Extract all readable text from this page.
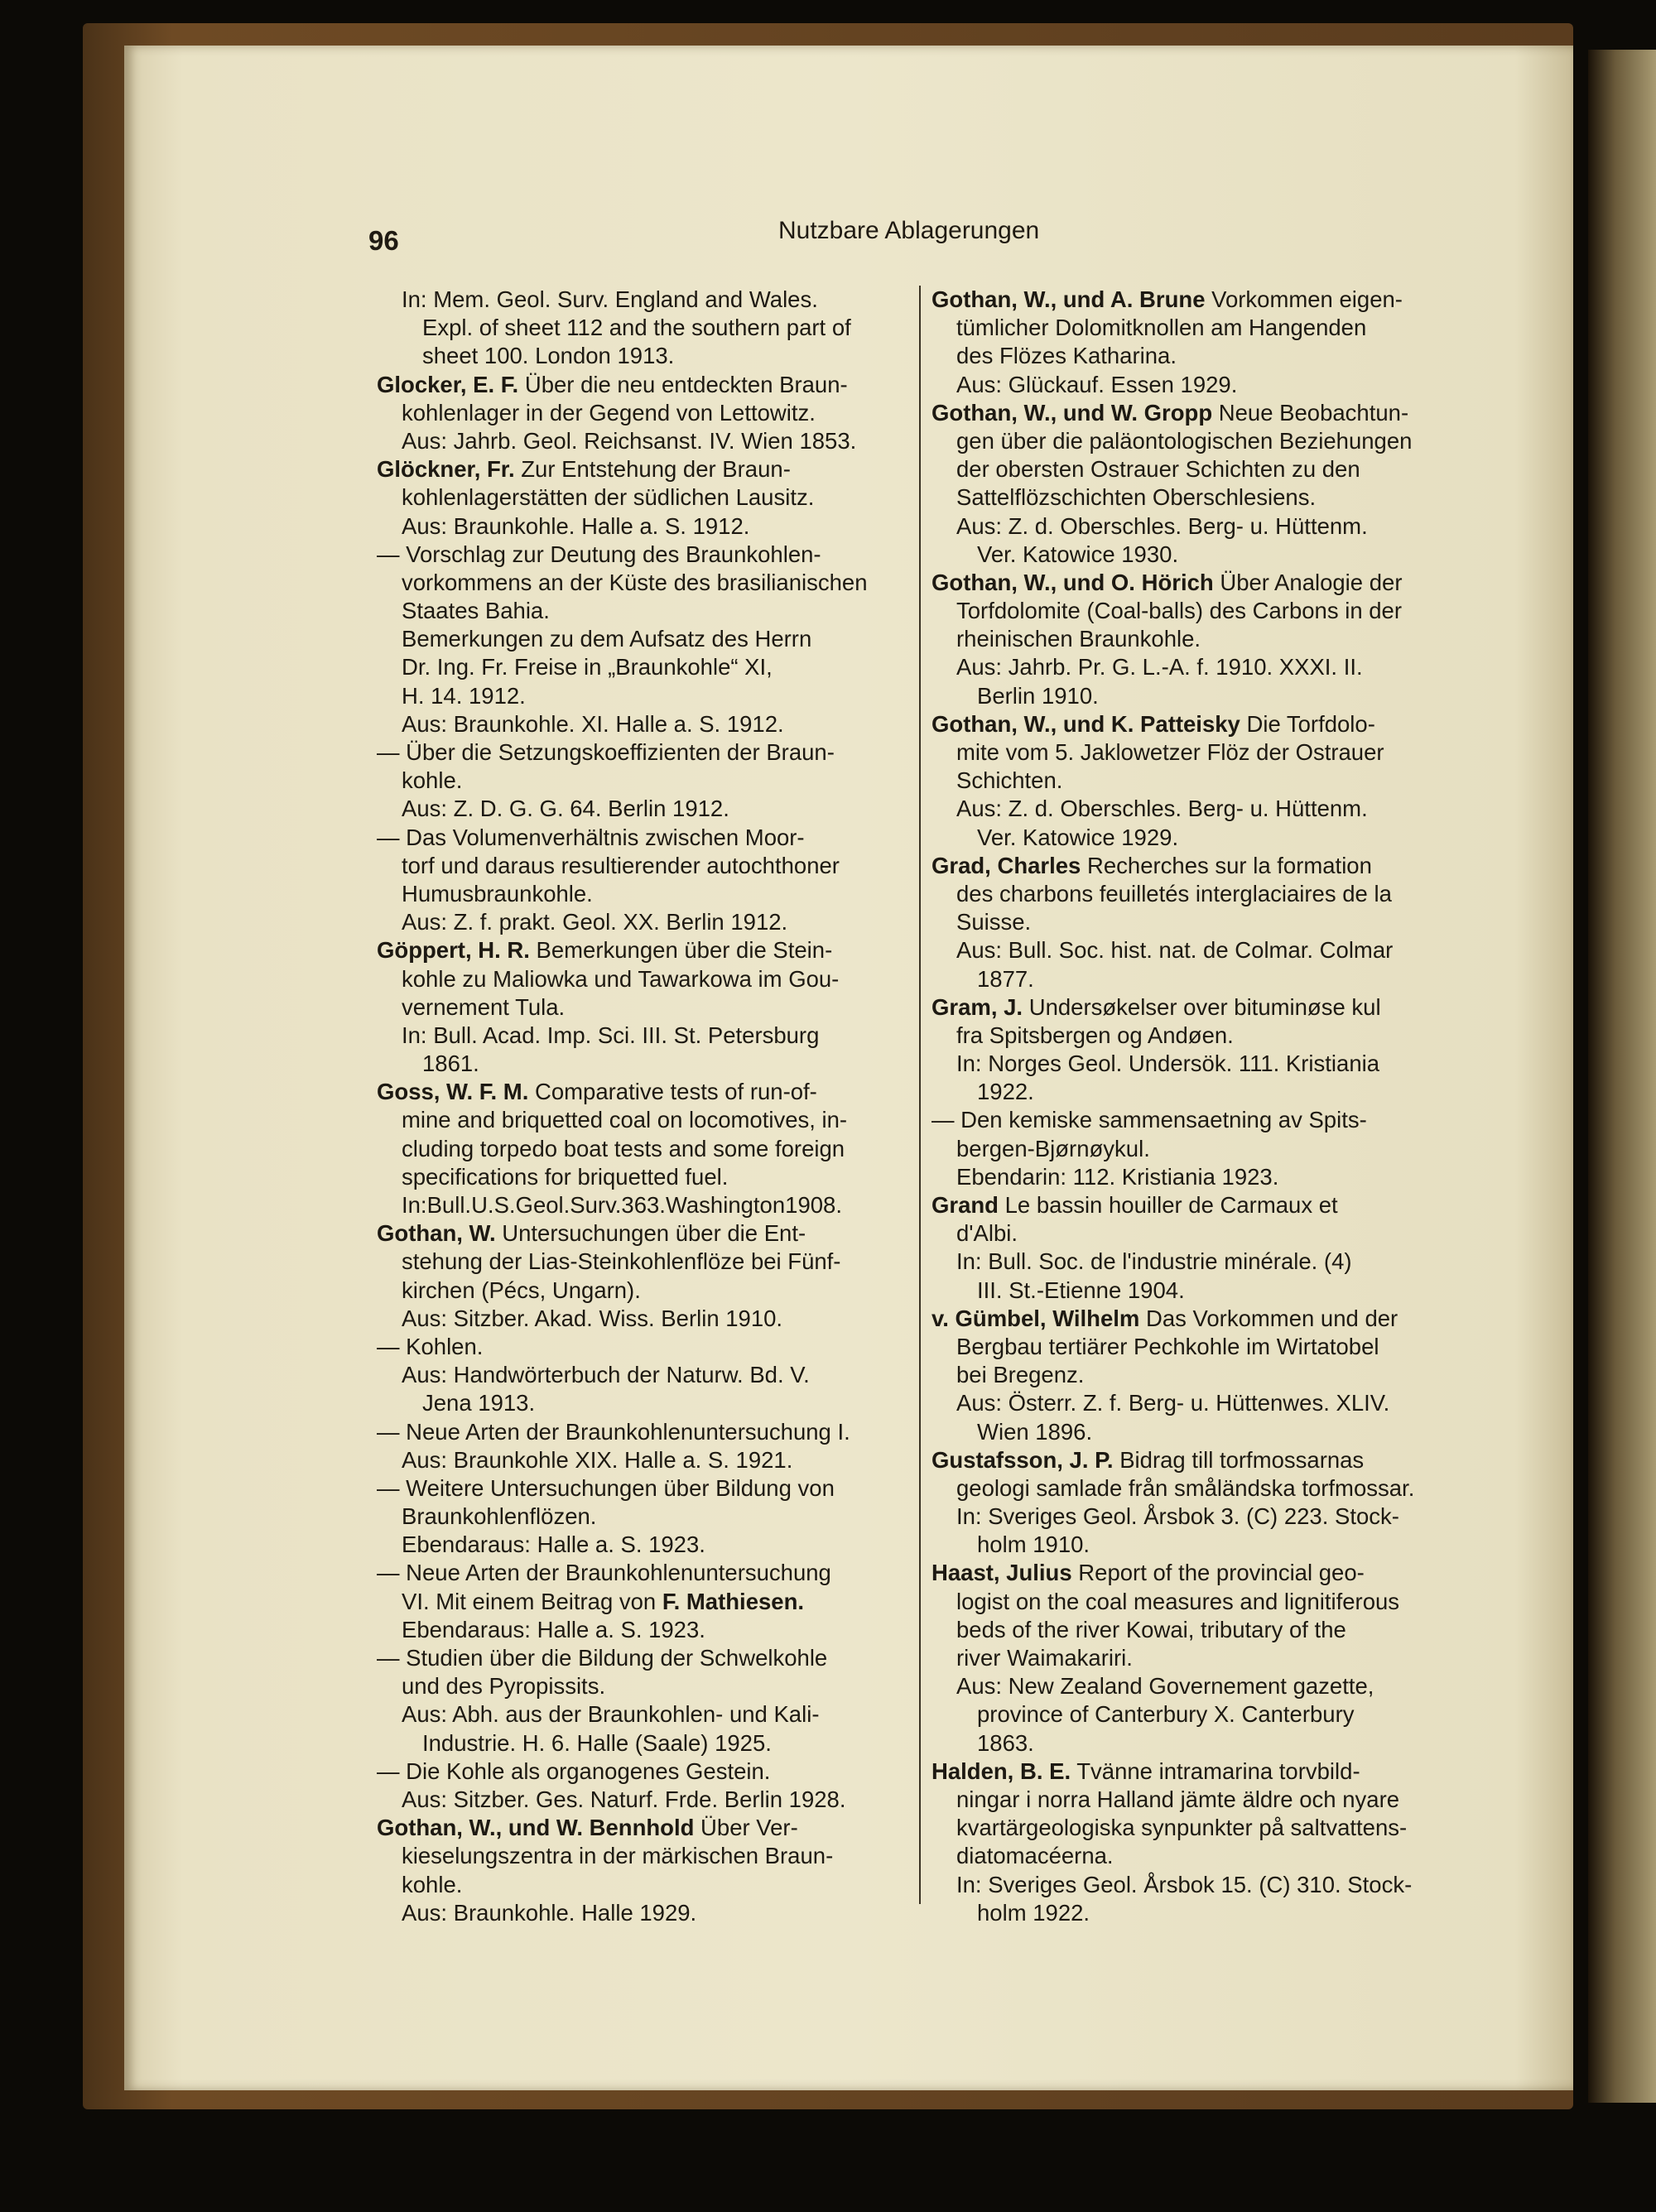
96	Nutzbare Ablagerungen
In: Mem. Geol. Surv. England and Wales.
Expl. of sheet 112 and the southern part of
sheet 100. London 1913.
Glocker, E. F. Über die neu entdeckten Braun-
kohlenlager in der Gegend von Lettowitz.
Aus: Jahrb. Geol. Reichsanst. IV. Wien 1853.
Glöckner, Fr. Zur Entstehung der Braun-
kohlenlagerstätten der südlichen Lausitz.
Aus: Braunkohle. Halle a. S. 1912.
— Vorschlag zur Deutung des Braunkohlen-
vorkommens an der Küste des brasilianischen
Staates Bahia.
Bemerkungen zu dem Aufsatz des Herrn
Dr. Ing. Fr. Freise in „Braunkohle“ XI,
H. 14. 1912.
Aus: Braunkohle. XI. Halle a. S. 1912.
— Über die Setzungskoeffizienten der Braun-
kohle.
Aus: Z. D. G. G. 64. Berlin 1912.
— Das Volumenverhältnis zwischen Moor-
torf und daraus resultierender autochthoner
Humusbraunkohle.
Aus: Z. f. prakt. Geol. XX. Berlin 1912.
Göppert, H. R. Bemerkungen über die Stein-
kohle zu Maliowka und Tawarkowa im Gou-
vernement Tula.
In: Bull. Acad. Imp. Sci. III. St. Petersburg
1861.
Goss, W. F. M. Comparative tests of run-of-
mine and briquetted coal on locomotives, in-
cluding torpedo boat tests and some foreign
specifications for briquetted fuel.
In:Bull.U.S.Geol.Surv.363.Washington1908.
Gothan, W. Untersuchungen über die Ent-
stehung der Lias-Steinkohlenflöze bei Fünf-
kirchen (Pécs, Ungarn).
Aus: Sitzber. Akad. Wiss. Berlin 1910.
— Kohlen.
Aus: Handwörterbuch der Naturw. Bd. V.
Jena 1913.
— Neue Arten der Braunkohlenuntersuchung I.
Aus: Braunkohle XIX. Halle a. S. 1921.
— Weitere Untersuchungen über Bildung von
Braunkohlenflözen.
Ebendaraus: Halle a. S. 1923.
— Neue Arten der Braunkohlenuntersuchung
VI. Mit einem Beitrag von F. Mathiesen.
Ebendaraus: Halle a. S. 1923.
— Studien über die Bildung der Schwelkohle
und des Pyropissits.
Aus: Abh. aus der Braunkohlen- und Kali-
Industrie. H. 6. Halle (Saale) 1925.
— Die Kohle als organogenes Gestein.
Aus: Sitzber. Ges. Naturf. Frde. Berlin 1928.
Gothan, W., und W. Bennhold Über Ver-
kieselungszentra in der märkischen Braun-
kohle.
Aus: Braunkohle. Halle 1929.
Gothan, W., und A. Brune Vorkommen eigen-
tümlicher Dolomitknollen am Hangenden
des Flözes Katharina.
Aus: Glückauf. Essen 1929.
Gothan, W., und W. Gropp Neue Beobachtun-
gen über die paläontologischen Beziehungen
der obersten Ostrauer Schichten zu den
Sattelflözschichten Oberschlesiens.
Aus: Z. d. Oberschles. Berg- u. Hüttenm.
Ver. Katowice 1930.
Gothan, W., und O. Hörich Über Analogie der
Torfdolomite (Coal-balls) des Carbons in der
rheinischen Braunkohle.
Aus: Jahrb. Pr. G. L.-A. f. 1910. XXXI. II.
Berlin 1910.
Gothan, W., und K. Patteisky Die Torfdolo-
mite vom 5. Jaklowetzer Flöz der Ostrauer
Schichten.
Aus: Z. d. Oberschles. Berg- u. Hüttenm.
Ver. Katowice 1929.
Grad, Charles Recherches sur la formation
des charbons feuilletés interglaciaires de la
Suisse.
Aus: Bull. Soc. hist. nat. de Colmar. Colmar
1877.
Gram, J. Undersøkelser over bituminøse kul
fra Spitsbergen og Andøen.
In: Norges Geol. Undersök. 111. Kristiania
1922.
— Den kemiske sammensaetning av Spits-
bergen-Bjørnøykul.
Ebendarin: 112. Kristiania 1923.
Grand Le bassin houiller de Carmaux et
d'Albi.
In: Bull. Soc. de l'industrie minérale. (4)
III. St.-Etienne 1904.
v. Gümbel, Wilhelm Das Vorkommen und der
Bergbau tertiärer Pechkohle im Wirtatobel
bei Bregenz.
Aus: Österr. Z. f. Berg- u. Hüttenwes. XLIV.
Wien 1896.
Gustafsson, J. P. Bidrag till torfmossarnas
geologi samlade från småländska torfmossar.
In: Sveriges Geol. Årsbok 3. (C) 223. Stock-
holm 1910.
Haast, Julius Report of the provincial geo-
logist on the coal measures and lignitiferous
beds of the river Kowai, tributary of the
river Waimakariri.
Aus: New Zealand Governement gazette,
province of Canterbury X. Canterbury
1863.
Halden, B. E. Tvänne intramarina torvbild-
ningar i norra Halland jämte äldre och nyare
kvartärgeologiska synpunkter på saltvattens-
diatomacéerna.
In: Sveriges Geol. Årsbok 15. (C) 310. Stock-
holm 1922.
